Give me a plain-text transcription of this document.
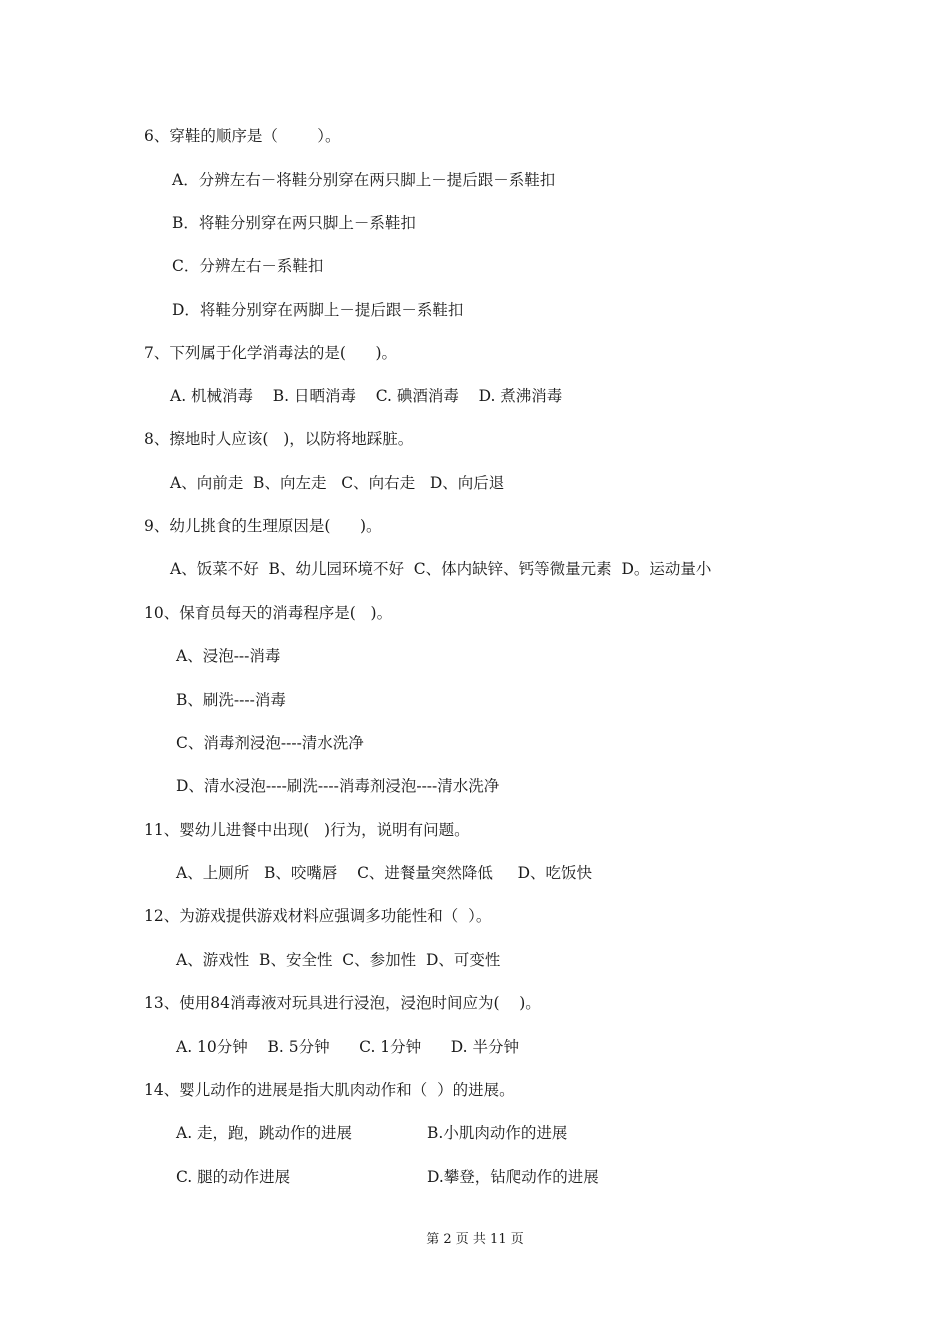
6、穿鞋的顺序是（        ）。
A．分辨左右－将鞋分别穿在两只脚上－提后跟－系鞋扣
B．将鞋分别穿在两只脚上－系鞋扣
C．分辨左右－系鞋扣
D．将鞋分别穿在两脚上－提后跟－系鞋扣
7、下列属于化学消毒法的是(      )。
A. 机械消毒    B. 日晒消毒    C. 碘酒消毒    D. 煮沸消毒
8、擦地时人应该(   )，以防将地踩脏。
A、向前走  B、向左走   C、向右走   D、向后退
9、幼儿挑食的生理原因是(      )。
A、饭菜不好  B、幼儿园环境不好  C、体内缺锌、钙等微量元素  D。运动量小
10、保育员每天的消毒程序是(   )。
A、浸泡---消毒
B、刷洗----消毒
C、消毒剂浸泡----清水洗净
D、清水浸泡----刷洗----消毒剂浸泡----清水洗净
11、婴幼儿进餐中出现(   )行为，说明有问题。
A、上厕所   B、咬嘴唇    C、进餐量突然降低     D、吃饭快
12、为游戏提供游戏材料应强调多功能性和（  ）。
A、游戏性  B、安全性  C、参加性  D、可变性
13、使用84消毒液对玩具进行浸泡，浸泡时间应为(    )。
A. 10分钟    B. 5分钟      C. 1分钟      D. 半分钟
14、婴儿动作的进展是指大肌肉动作和（  ）的进展。
A. 走，跑，跳动作的进展	B.小肌肉动作的进展
C. 腿的动作进展	D.攀登，钻爬动作的进展
第 2 页 共 11 页
